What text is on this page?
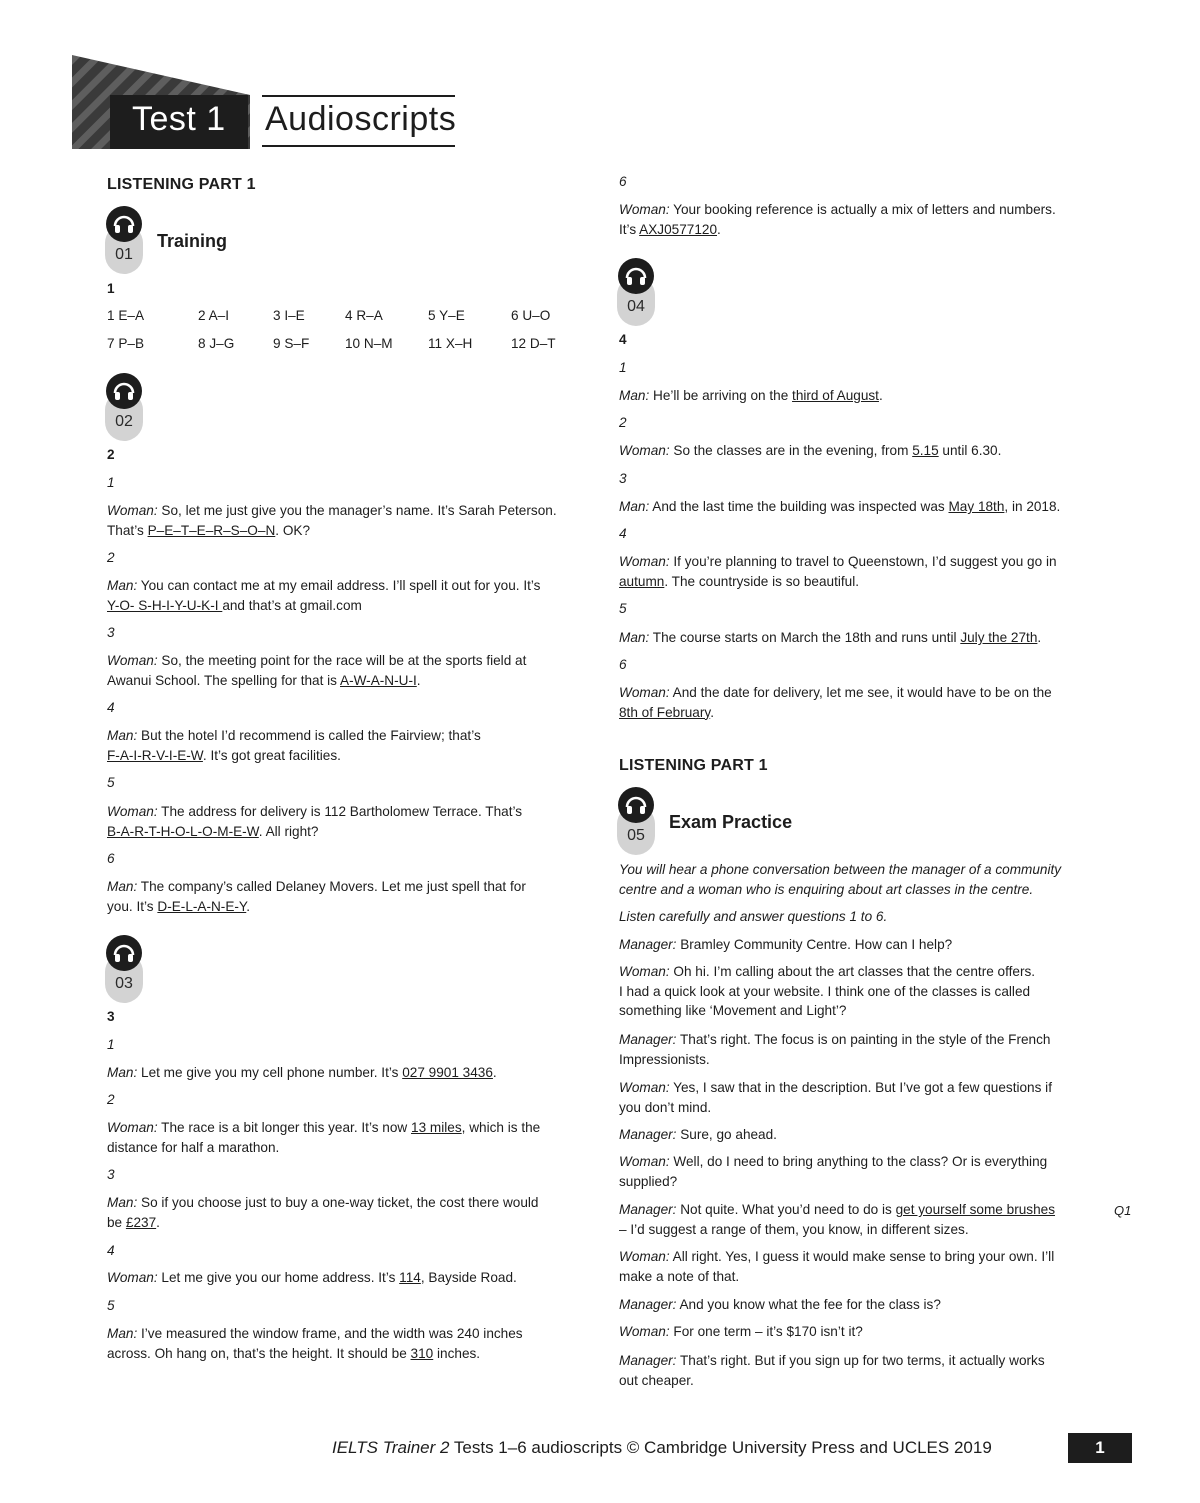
Test 1 Audioscripts
LISTENING PART 1
01
Training
1
1 E–A	2 A–I	3 I–E	4 R–A	5 Y–E	6 U–O
7 P–B	8 J–G	9 S–F	10 N–M	11 X–H	12 D–T
02
2
1
Woman: So, let me just give you the manager’s name. It’s Sarah Peterson.
That’s P–E–T–E–R–S–O–N. OK?
2
Man: You can contact me at my email address. I’ll spell it out for you. It’s
Y-O- S-H-I-Y-U-K-I and that’s at gmail.com
3
Woman: So, the meeting point for the race will be at the sports field at
Awanui School. The spelling for that is A-W-A-N-U-I.
4
Man: But the hotel I’d recommend is called the Fairview; that’s
F-A-I-R-V-I-E-W. It’s got great facilities.
5
Woman: The address for delivery is 112 Bartholomew Terrace. That’s
B-A-R-T-H-O-L-O-M-E-W. All right?
6
Man: The company’s called Delaney Movers. Let me just spell that for
you. It’s D-E-L-A-N-E-Y.
03
3
1
Man: Let me give you my cell phone number. It’s 027 9901 3436.
2
Woman: The race is a bit longer this year. It’s now 13 miles, which is the
distance for half a marathon.
3
Man: So if you choose just to buy a one-way ticket, the cost there would
be £237.
4
Woman: Let me give you our home address. It’s 114, Bayside Road.
5
Man: I’ve measured the window frame, and the width was 240 inches
across. Oh hang on, that’s the height. It should be 310 inches.
6
Woman: Your booking reference is actually a mix of letters and numbers.
It’s AXJ0577120.
04
4
1
Man: He’ll be arriving on the third of August.
2
Woman: So the classes are in the evening, from 5.15 until 6.30.
3
Man: And the last time the building was inspected was May 18th, in 2018.
4
Woman: If you’re planning to travel to Queenstown, I’d suggest you go in
autumn. The countryside is so beautiful.
5
Man: The course starts on March the 18th and runs until July the 27th.
6
Woman: And the date for delivery, let me see, it would have to be on the
8th of February.
LISTENING PART 1
05
Exam Practice
You will hear a phone conversation between the manager of a community
centre and a woman who is enquiring about art classes in the centre.
Listen carefully and answer questions 1 to 6.
Manager: Bramley Community Centre. How can I help?
Woman: Oh hi. I’m calling about the art classes that the centre offers.
I had a quick look at your website. I think one of the classes is called
something like ‘Movement and Light’?
Manager: That’s right. The focus is on painting in the style of the French
Impressionists.
Woman: Yes, I saw that in the description. But I’ve got a few questions if
you don’t mind.
Manager: Sure, go ahead.
Woman: Well, do I need to bring anything to the class? Or is everything
supplied?
Manager: Not quite. What you’d need to do is get yourself some brushes
– I’d suggest a range of them, you know, in different sizes.
Q1
Woman: All right. Yes, I guess it would make sense to bring your own. I’ll
make a note of that.
Manager: And you know what the fee for the class is?
Woman: For one term – it’s $170 isn’t it?
Manager: That’s right. But if you sign up for two terms, it actually works
out cheaper.
IELTS Trainer 2 Tests 1–6 audioscripts © Cambridge University Press and UCLES 2019	1
